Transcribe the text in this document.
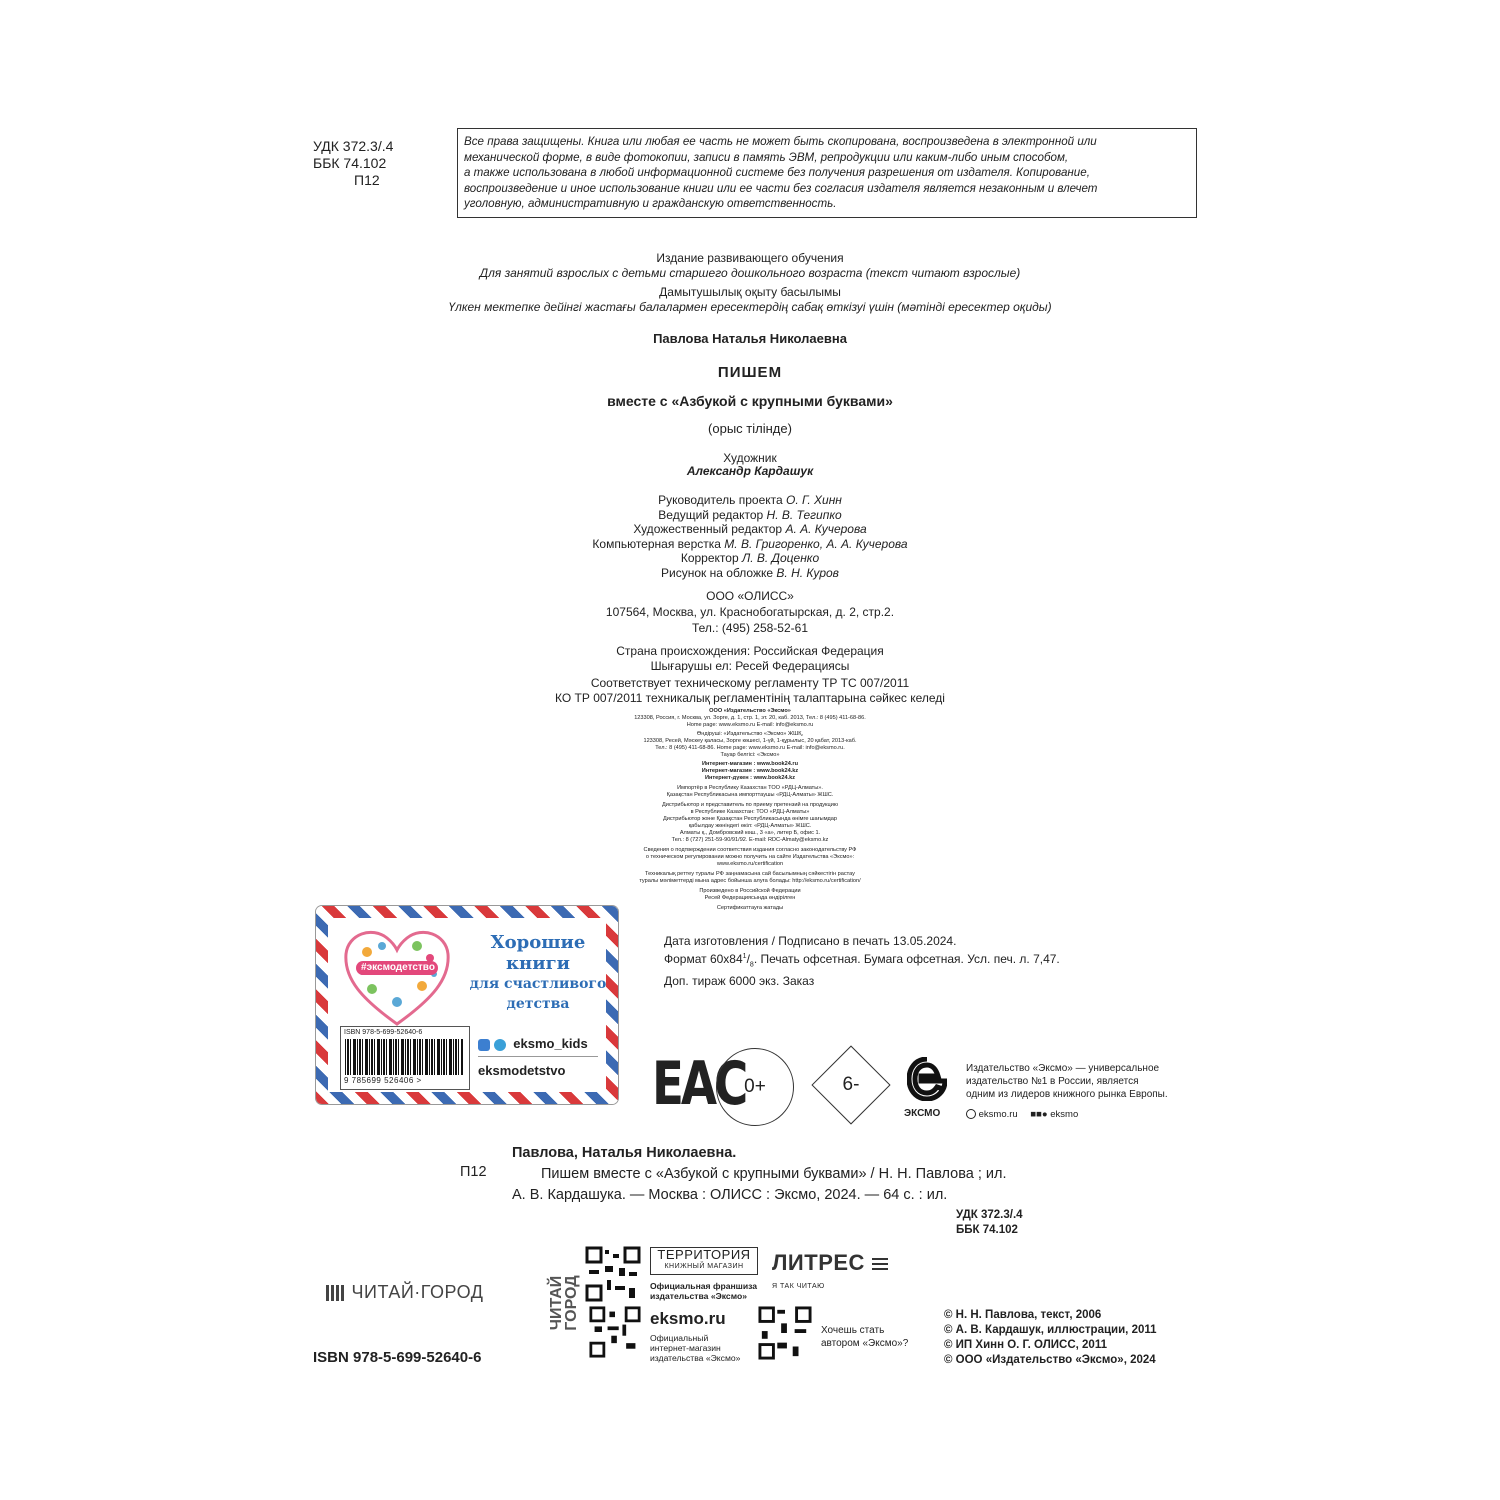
УДК 372.3/.4
ББК 74.102
П12
Все права защищены. Книга или любая ее часть не может быть скопирована, воспроизведена в электронной или
механической форме, в виде фотокопии, записи в память ЭВМ, репродукции или каким-либо иным способом,
а также использована в любой информационной системе без получения разрешения от издателя. Копирование,
воспроизведение и иное использование книги или ее части без согласия издателя является незаконным и влечет
уголовную, административную и гражданскую ответственность.
Издание развивающего обучения
Для занятий взрослых с детьми старшего дошкольного возраста (текст читают взрослые)
Дамытушылық оқыту басылымы
Үлкен мектепке дейінгі жастағы балалармен ересектердің сабақ өткізуі үшін (мәтінді ересектер оқиды)
Павлова Наталья Николаевна
ПИШЕМ
вместе с «Азбукой с крупными буквами»
(орыс тілінде)
Художник
Александр Кардашук
Руководитель проекта О. Г. Хинн
Ведущий редактор Н. В. Тегипко
Художественный редактор А. А. Кучерова
Компьютерная верстка М. В. Григоренко, А. А. Кучерова
Корректор Л. В. Доценко
Рисунок на обложке В. Н. Куров
ООО «ОЛИСС»
107564, Москва, ул. Краснобогатырская, д. 2, стр.2.
Тел.: (495) 258-52-61
Страна происхождения: Российская Федерация
Шығарушы ел: Ресей Федерациясы
Соответствует техническому регламенту ТР ТС 007/2011
КО ТР 007/2011 техникалық регламентінің талаптарына сәйкес келеді
ООО «Издательство «Эксмо»
123308, Россия, г. Москва, ул. Зорге, д. 1, стр. 1, эт. 20, каб. 2013, Тел.: 8 (495) 411-68-86.
Home page: www.eksmo.ru E-mail: info@eksmo.ru
Өндіруші: «Издательство «Эксмо» ЖШҚ,
123308, Ресей, Мәскеу қаласы, Зорге көшесі, 1-үй, 1-құрылыс, 20 қабат, 2013-каб.
Тел.: 8 (495) 411-68-86. Home page: www.eksmo.ru E-mail: info@eksmo.ru.
Тауар белгісі: «Эксмо»
Интернет-магазин : www.book24.ru
Интернет-магазин : www.book24.kz
Интернет-дүкен : www.book24.kz
Импортёр в Республику Казахстан ТОО «РДЦ-Алматы».
Қазақстан Республикасына импорттаушы «РДЦ-Алматы» ЖШС.
Дистрибьютор и представитель по приему претензий на продукцию
в Республике Казахстан: ТОО «РДЦ-Алматы»
Дистрибьютор және Қазақстан Республикасында өнімге шағымдар
қабылдау жөніндегі өкіл: «РДЦ-Алматы» ЖШС.
Алматы қ., Домбровский көш., 3 «а», литер Б, офис 1.
Тел.: 8 (727) 251-59-90/91/92. E-mail: RDC-Almaty@eksmo.kz
Сведения о подтверждении соответствия издания согласно законодательству РФ
о техническом регулировании можно получить на сайте Издательства «Эксмо»:
www.eksmo.ru/certification
Техникалық реттеу туралы РФ заңнамасына сай басылымның сәйкестігін растау
туралы мәліметтерді мына адрес бойынша алуға болады: http://eksmo.ru/certification/
Произведено в Российской Федерации
Ресей Федерациясында өндірілген
Сертификаттауға жатады
#эксмодетство
Хорошие
книги
для счастливого
детства
eksmo_kids
eksmodetstvo
ISBN 978-5-699-52640-6
9 785699 526406 >
Дата изготовления / Подписано в печать 13.05.2024.
Формат $60x84^1/_8$. Печать офсетная. Бумага офсетная. Усл. печ. л. 7,47.
Доп. тираж 6000 экз. Заказ
EAC
0+	6-
ЭКСМО
Издательство «Эксмо» — универсальное
издательство №1 в России, является
одним из лидеров книжного рынка Европы.
eksmo.ru ■■● eksmo
Павлова, Наталья Николаевна.
Пишем вместе с «Азбукой с крупными буквами» / Н. Н. Павлова ; ил.
А. В. Кардашука. — Москва : ОЛИСС : Эксмо, 2024. — 64 с. : ил.
П12
УДК 372.3/.4
ББК 74.102
ЧИТАЙ·ГОРОД	ЧИТАЙ ГОРОД
ТЕРРИТОРИЯ
КНИЖНЫЙ МАГАЗИН
Официальная франшиза
издательства «Эксмо»
ЛИТРЕС
Я ТАК ЧИТАЮ
eksmo.ru
Официальный
интернет-магазин
издательства «Эксмо»
Хочешь стать
автором «Эксмо»?
ISBN 978-5-699-52640-6
© Н. Н. Павлова, текст, 2006
© А. В. Кардашук, иллюстрации, 2011
© ИП Хинн О. Г. ОЛИСС, 2011
© ООО «Издательство «Эксмо», 2024
